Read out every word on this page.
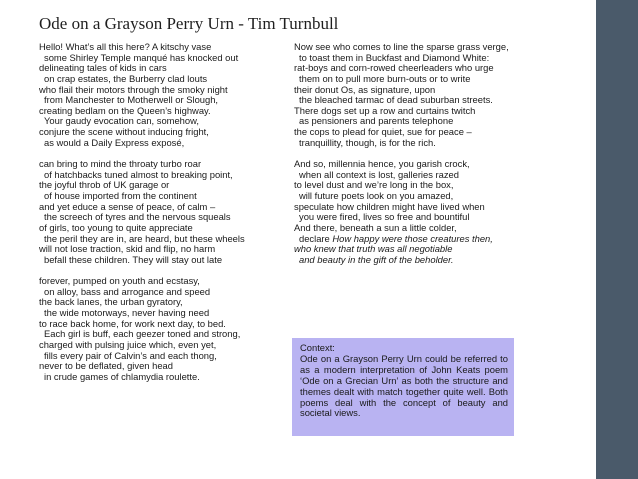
Ode on a Grayson Perry Urn - Tim Turnbull
Hello! What’s all this here? A kitschy vase
some Shirley Temple manqué has knocked out
delineating tales of kids in cars
on crap estates, the Burberry clad louts
who flail their motors through the smoky night
from Manchester to Motherwell or Slough,
creating bedlam on the Queen’s highway.
Your gaudy evocation can, somehow,
conjure the scene without inducing fright,
as would a Daily Express exposé,
can bring to mind the throaty turbo roar
of hatchbacks tuned almost to breaking point,
the joyful throb of UK garage or
of house imported from the continent
and yet educe a sense of peace, of calm –
the screech of tyres and the nervous squeals
of girls, too young to quite appreciate
the peril they are in, are heard, but these wheels
will not lose traction, skid and flip, no harm
befall these children. They will stay out late
forever, pumped on youth and ecstasy,
on alloy, bass and arrogance and speed
the back lanes, the urban gyratory,
the wide motorways, never having need
to race back home, for work next day, to bed.
Each girl is buff, each geezer toned and strong,
charged with pulsing juice which, even yet,
fills every pair of Calvin’s and each thong,
never to be deflated, given head
in crude games of chlamydia roulette.
Now see who comes to line the sparse grass verge,
to toast them in Buckfast and Diamond White:
rat-boys and corn-rowed cheerleaders who urge
them on to pull more burn-outs or to write
their donut Os, as signature, upon
the bleached tarmac of dead suburban streets.
There dogs set up a row and curtains twitch
as pensioners and parents telephone
the cops to plead for quiet, sue for peace –
tranquillity, though, is for the rich.
And so, millennia hence, you garish crock,
when all context is lost, galleries razed
to level dust and we’re long in the box,
will future poets look on you amazed,
speculate how children might have lived when
you were fired, lives so free and bountiful
And there, beneath a sun a little colder,
declare How happy were those creatures then,
who knew that truth was all negotiable
and beauty in the gift of the beholder.

Context:

Ode on a Grayson Perry Urn could be referred to as a modern interpretation of John Keats poem ‘Ode on a Grecian Urn’ as both the structure and themes dealt with match together quite well. Both poems deal with the concept of beauty and societal views.
